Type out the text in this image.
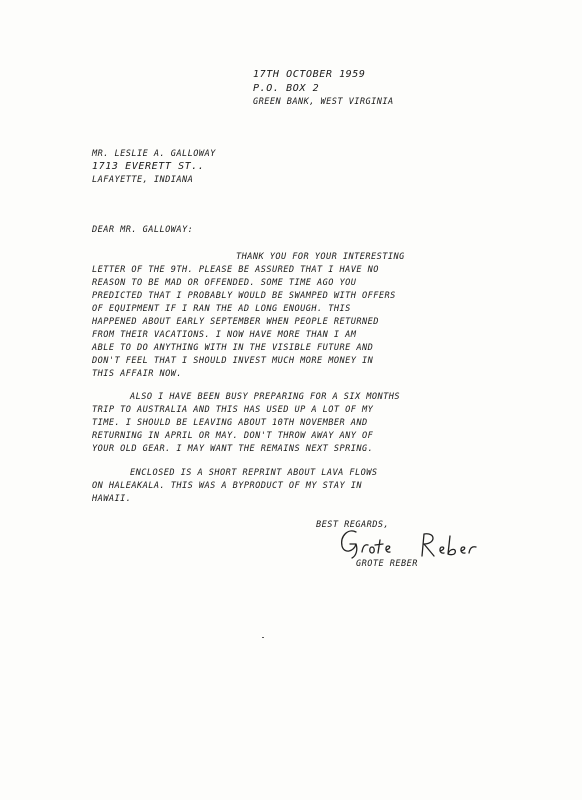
17TH OCTOBER 1959
P.O. BOX 2
GREEN BANK, WEST VIRGINIA
MR. LESLIE A. GALLOWAY
1713 EVERETT ST..
LAFAYETTE, INDIANA
DEAR MR. GALLOWAY:
THANK YOU FOR YOUR INTERESTING
LETTER OF THE 9TH. PLEASE BE ASSURED THAT I HAVE NO
REASON TO BE MAD OR OFFENDED. SOME TIME AGO YOU
PREDICTED THAT I PROBABLY WOULD BE SWAMPED WITH OFFERS
OF EQUIPMENT IF I RAN THE AD LONG ENOUGH. THIS
HAPPENED ABOUT EARLY SEPTEMBER WHEN PEOPLE RETURNED
FROM THEIR VACATIONS. I NOW HAVE MORE THAN I AM
ABLE TO DO ANYTHING WITH IN THE VISIBLE FUTURE AND
DON'T FEEL THAT I SHOULD INVEST MUCH MORE MONEY IN
THIS AFFAIR NOW.
ALSO I HAVE BEEN BUSY PREPARING FOR A SIX MONTHS
TRIP TO AUSTRALIA AND THIS HAS USED UP A LOT OF MY
TIME. I SHOULD BE LEAVING ABOUT 10TH NOVEMBER AND
RETURNING IN APRIL OR MAY. DON'T THROW AWAY ANY OF
YOUR OLD GEAR. I MAY WANT THE REMAINS NEXT SPRING.
ENCLOSED IS A SHORT REPRINT ABOUT LAVA FLOWS
ON HALEAKALA. THIS WAS A BYPRODUCT OF MY STAY IN
HAWAII.
BEST REGARDS,
GROTE REBER
